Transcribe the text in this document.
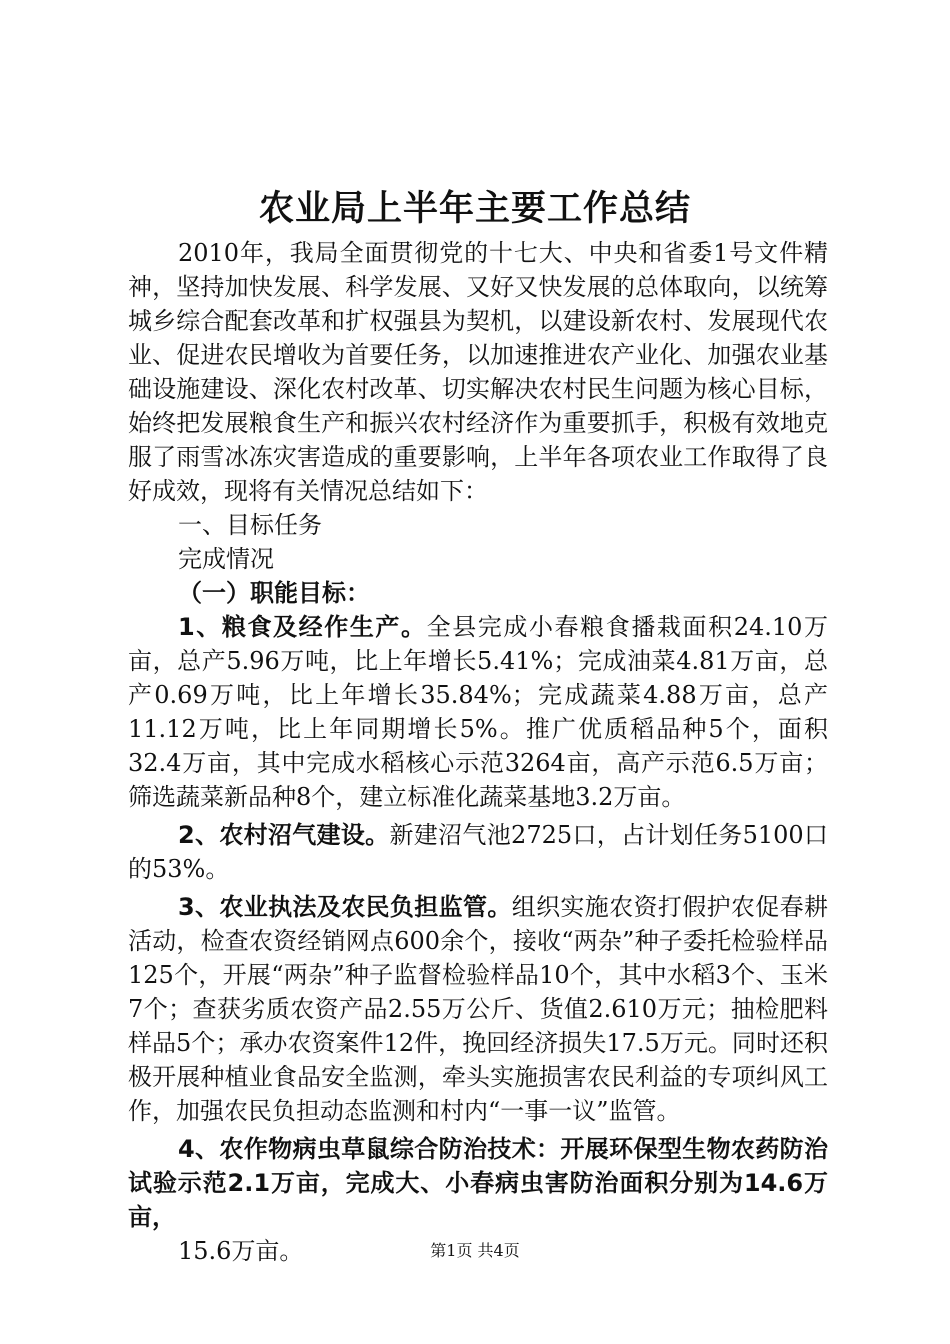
农业局上半年主要工作总结

2010年，我局全面贯彻党的十七大、中央和省委1号文件精神，坚持加快发展、科学发展、又好又快发展的总体取向，以统筹城乡综合配套改革和扩权强县为契机，以建设新农村、发展现代农业、促进农民增收为首要任务，以加速推进农产业化、加强农业基础设施建设、深化农村改革、切实解决农村民生问题为核心目标，始终把发展粮食生产和振兴农村经济作为重要抓手，积极有效地克服了雨雪冰冻灾害造成的重要影响，上半年各项农业工作取得了良好成效，现将有关情况总结如下：

一、目标任务

完成情况

（一）职能目标：

1、粮食及经作生产。全县完成小春粮食播栽面积24.10万亩，总产5.96万吨，比上年增长5.41%；完成油菜4.81万亩，总产0.69万吨，比上年增长35.84%；完成蔬菜4.88万亩，总产11.12万吨，比上年同期增长5%。推广优质稻品种5个，面积32.4万亩，其中完成水稻核心示范3264亩，高产示范6.5万亩；筛选蔬菜新品种8个，建立标准化蔬菜基地3.2万亩。

2、农村沼气建设。新建沼气池2725口，占计划任务5100口的53%。

3、农业执法及农民负担监管。组织实施农资打假护农促春耕活动，检查农资经销网点600余个，接收“两杂”种子委托检验样品125个，开展“两杂”种子监督检验样品10个，其中水稻3个、玉米7个；查获劣质农资产品2.55万公斤、货值2.610万元；抽检肥料样品5个；承办农资案件12件，挽回经济损失17.5万元。同时还积极开展种植业食品安全监测，牵头实施损害农民利益的专项纠风工作，加强农民负担动态监测和村内“一事一议”监管。

4、农作物病虫草鼠综合防治技术：开展环保型生物农药防治试验示范2.1万亩，完成大、小春病虫害防治面积分别为14.6万亩，

15.6万亩。	第1页 共4页
